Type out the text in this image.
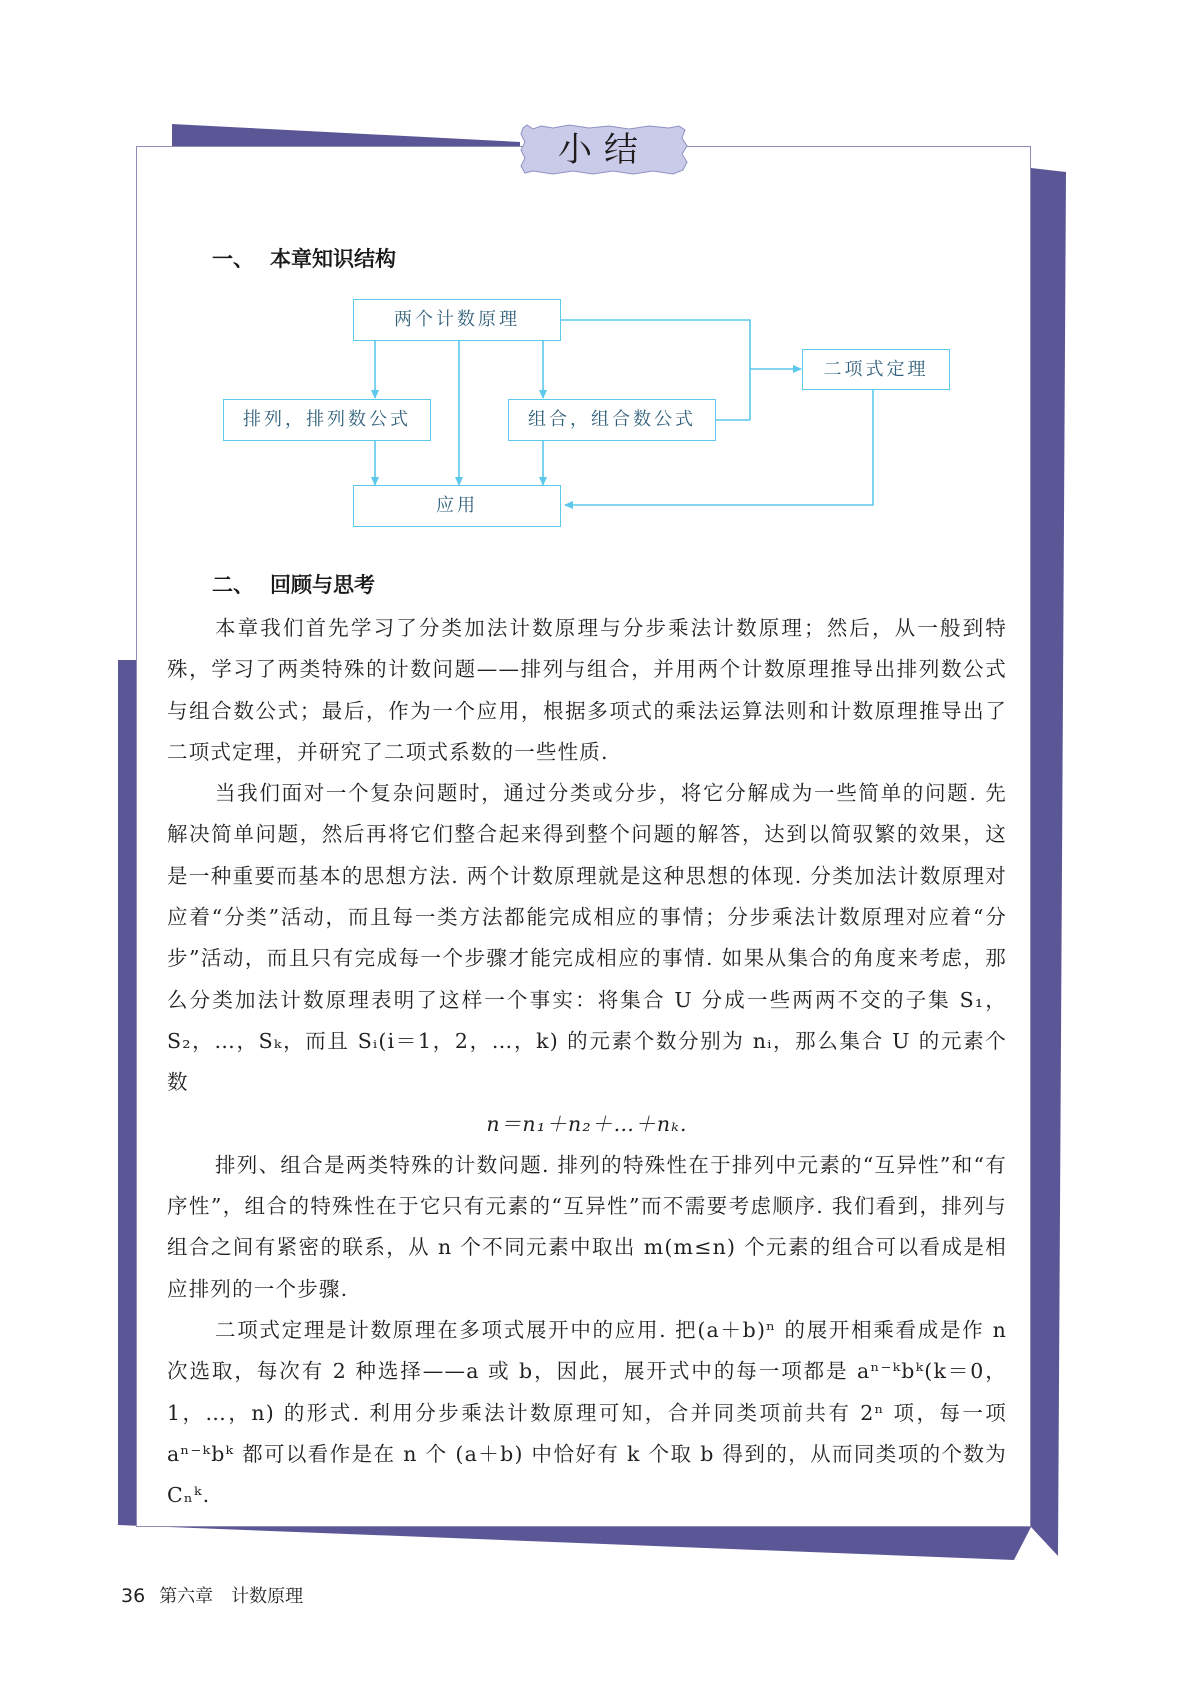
小结
一、 本章知识结构
两个计数原理
排列，排列数公式	组合，组合数公式
二项式定理
应用
二、 回顾与思考

本章我们首先学习了分类加法计数原理与分步乘法计数原理；然后，从一般到特殊，学习了两类特殊的计数问题——排列与组合，并用两个计数原理推导出排列数公式与组合数公式；最后，作为一个应用，根据多项式的乘法运算法则和计数原理推导出了二项式定理，并研究了二项式系数的一些性质.

当我们面对一个复杂问题时，通过分类或分步，将它分解成为一些简单的问题. 先解决简单问题，然后再将它们整合起来得到整个问题的解答，达到以简驭繁的效果，这是一种重要而基本的思想方法. 两个计数原理就是这种思想的体现. 分类加法计数原理对应着“分类”活动，而且每一类方法都能完成相应的事情；分步乘法计数原理对应着“分步”活动，而且只有完成每一个步骤才能完成相应的事情. 如果从集合的角度来考虑，那么分类加法计数原理表明了这样一个事实：将集合 U 分成一些两两不交的子集 S₁，S₂，…，Sₖ，而且 Sᵢ(i＝1，2，…，k) 的元素个数分别为 nᵢ，那么集合 U 的元素个数

n＝n₁＋n₂＋…＋nₖ.

排列、组合是两类特殊的计数问题. 排列的特殊性在于排列中元素的“互异性”和“有序性”，组合的特殊性在于它只有元素的“互异性”而不需要考虑顺序. 我们看到，排列与组合之间有紧密的联系，从 n 个不同元素中取出 m(m≤n) 个元素的组合可以看成是相应排列的一个步骤.

二项式定理是计数原理在多项式展开中的应用. 把(a＋b)ⁿ 的展开相乘看成是作 n 次选取，每次有 2 种选择——a 或 b，因此，展开式中的每一项都是 aⁿ⁻ᵏbᵏ(k＝0，1，…，n) 的形式. 利用分步乘法计数原理可知，合并同类项前共有 2ⁿ 项，每一项 aⁿ⁻ᵏbᵏ 都可以看作是在 n 个 (a＋b) 中恰好有 k 个取 b 得到的，从而同类项的个数为 Cₙᵏ.

36 第六章　计数原理
